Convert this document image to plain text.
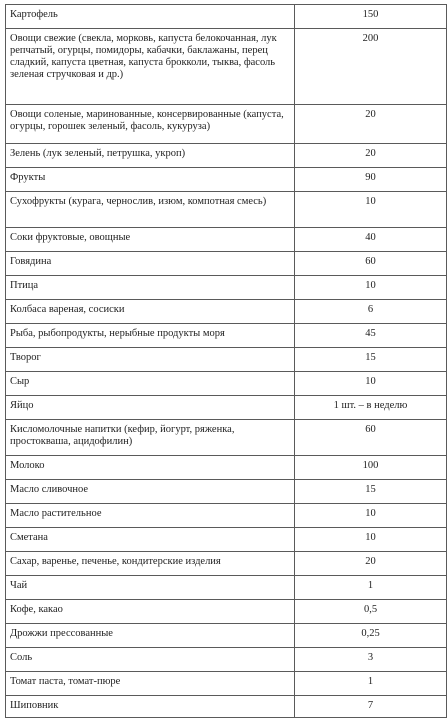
Картофель	150
Овощи свежие (свекла, морковь, капуста белокочанная, лук репчатый, огурцы, помидоры, кабачки, баклажаны, перец сладкий, капуста цветная, капуста брокколи, тыква, фасоль зеленая стручковая и др.)	200
Овощи соленые, маринованные, консервированные (капуста, огурцы, горошек зеленый, фасоль, кукуруза)	20
Зелень (лук зеленый, петрушка, укроп)	20
Фрукты	90
Сухофрукты (курага, чернослив, изюм, компотная смесь)	10
Соки фруктовые, овощные	40
Говядина	60
Птица	10
Колбаса вареная, сосиски	6
Рыба, рыбопродукты, нерыбные продукты моря	45
Творог	15
Сыр	10
Яйцо	1 шт. – в неделю
Кисломолочные напитки (кефир, йогурт, ряженка, простокваша, ацидофилин)	60
Молоко	100
Масло сливочное	15
Масло растительное	10
Сметана	10
Сахар, варенье, печенье, кондитерские изделия	20
Чай	1
Кофе, какао	0,5
Дрожжи прессованные	0,25
Соль	3
Томат паста, томат-пюре	1
Шиповник	7
